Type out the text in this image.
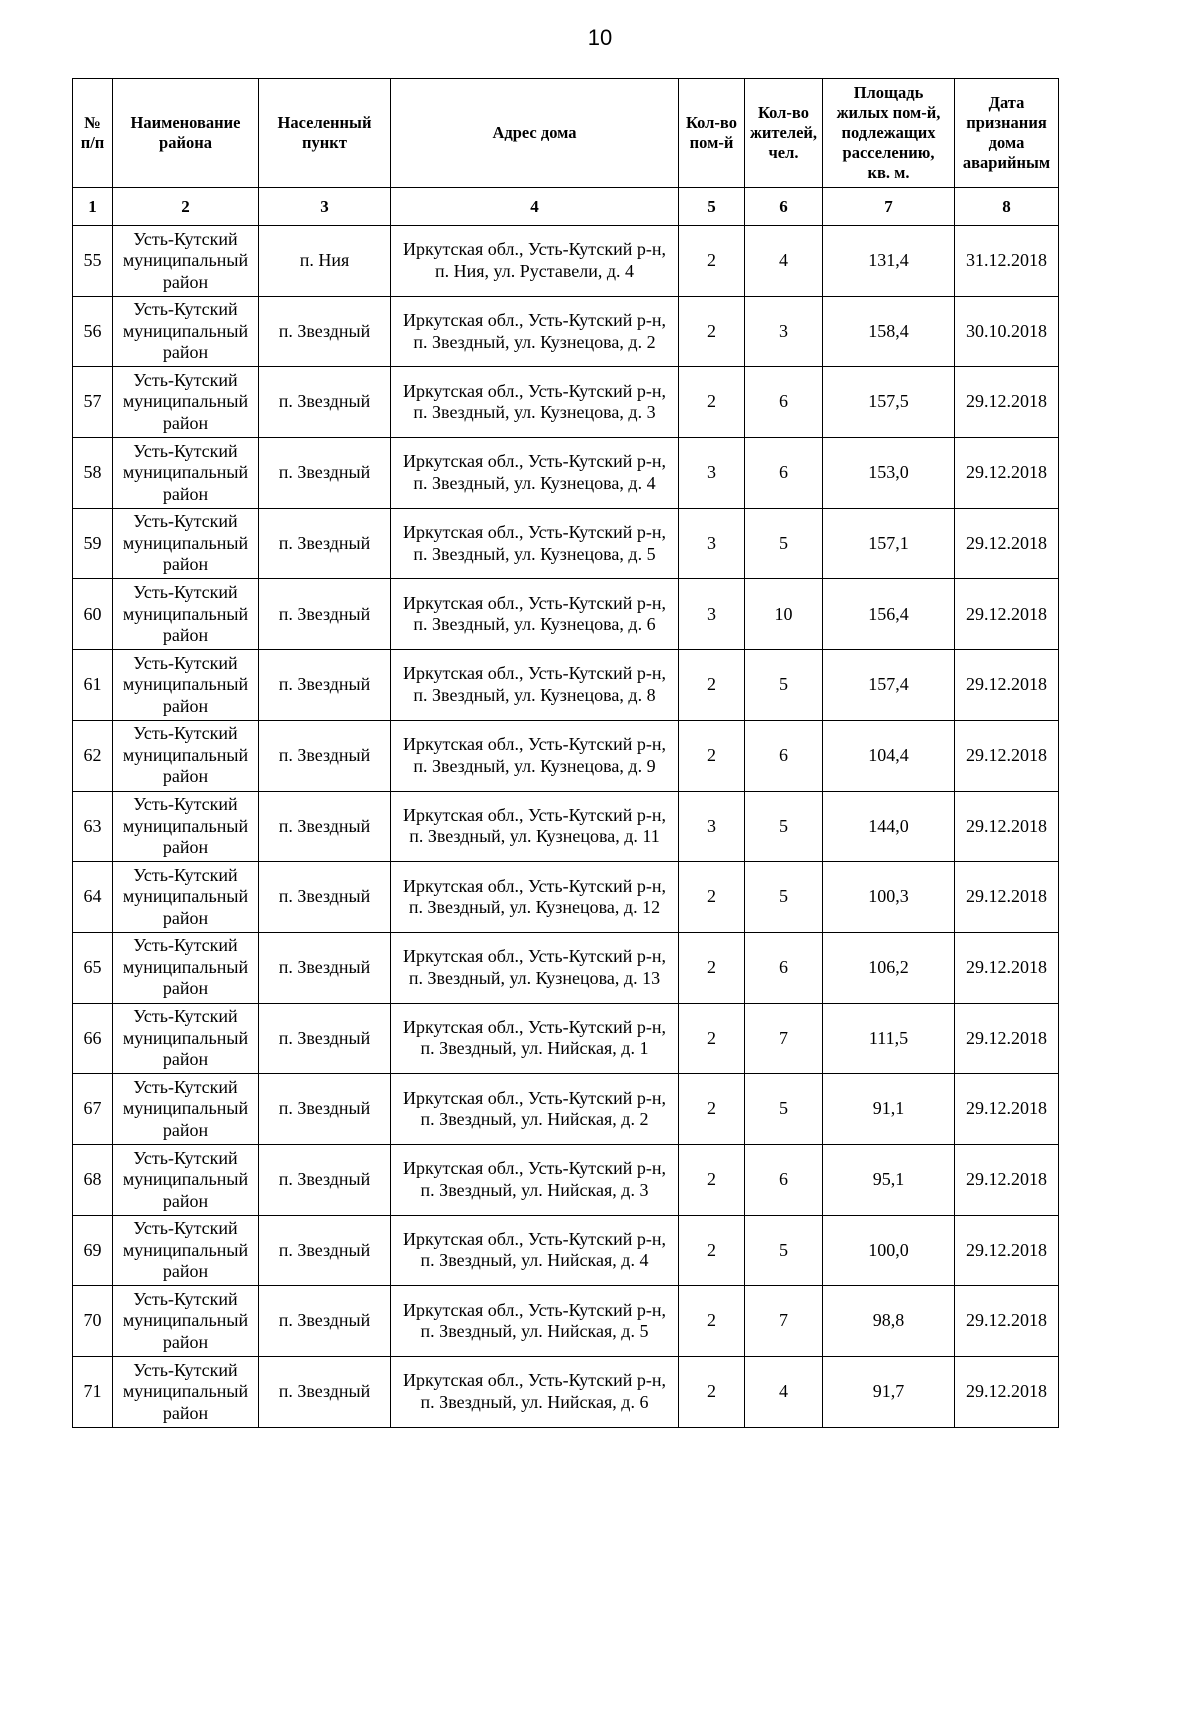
10
№
п/п	Наименование
района	Населенный
пункт	Адрес дома	Кол-во
пом-й	Кол-во
жителей,
чел.	Площадь
жилых пом-й,
подлежащих
расселению,
кв. м.	Дата
признания
дома
аварийным
1	2	3	4	5	6	7	8
55	Усть-Кутский муниципальный район	п. Ния	Иркутская обл., Усть-Кутский р-н,
п. Ния, ул. Руставели, д. 4	2	4	131,4	31.12.2018
56	Усть-Кутский муниципальный район	п. Звездный	Иркутская обл., Усть-Кутский р-н,
п. Звездный, ул. Кузнецова, д. 2	2	3	158,4	30.10.2018
57	Усть-Кутский муниципальный район	п. Звездный	Иркутская обл., Усть-Кутский р-н,
п. Звездный, ул. Кузнецова, д. 3	2	6	157,5	29.12.2018
58	Усть-Кутский муниципальный район	п. Звездный	Иркутская обл., Усть-Кутский р-н,
п. Звездный, ул. Кузнецова, д. 4	3	6	153,0	29.12.2018
59	Усть-Кутский муниципальный район	п. Звездный	Иркутская обл., Усть-Кутский р-н,
п. Звездный, ул. Кузнецова, д. 5	3	5	157,1	29.12.2018
60	Усть-Кутский муниципальный район	п. Звездный	Иркутская обл., Усть-Кутский р-н,
п. Звездный, ул. Кузнецова, д. 6	3	10	156,4	29.12.2018
61	Усть-Кутский муниципальный район	п. Звездный	Иркутская обл., Усть-Кутский р-н,
п. Звездный, ул. Кузнецова, д. 8	2	5	157,4	29.12.2018
62	Усть-Кутский муниципальный район	п. Звездный	Иркутская обл., Усть-Кутский р-н,
п. Звездный, ул. Кузнецова, д. 9	2	6	104,4	29.12.2018
63	Усть-Кутский муниципальный район	п. Звездный	Иркутская обл., Усть-Кутский р-н,
п. Звездный, ул. Кузнецова, д. 11	3	5	144,0	29.12.2018
64	Усть-Кутский муниципальный район	п. Звездный	Иркутская обл., Усть-Кутский р-н,
п. Звездный, ул. Кузнецова, д. 12	2	5	100,3	29.12.2018
65	Усть-Кутский муниципальный район	п. Звездный	Иркутская обл., Усть-Кутский р-н,
п. Звездный, ул. Кузнецова, д. 13	2	6	106,2	29.12.2018
66	Усть-Кутский муниципальный район	п. Звездный	Иркутская обл., Усть-Кутский р-н,
п. Звездный, ул. Нийская, д. 1	2	7	111,5	29.12.2018
67	Усть-Кутский муниципальный район	п. Звездный	Иркутская обл., Усть-Кутский р-н,
п. Звездный, ул. Нийская, д. 2	2	5	91,1	29.12.2018
68	Усть-Кутский муниципальный район	п. Звездный	Иркутская обл., Усть-Кутский р-н,
п. Звездный, ул. Нийская, д. 3	2	6	95,1	29.12.2018
69	Усть-Кутский муниципальный район	п. Звездный	Иркутская обл., Усть-Кутский р-н,
п. Звездный, ул. Нийская, д. 4	2	5	100,0	29.12.2018
70	Усть-Кутский муниципальный район	п. Звездный	Иркутская обл., Усть-Кутский р-н,
п. Звездный, ул. Нийская, д. 5	2	7	98,8	29.12.2018
71	Усть-Кутский муниципальный район	п. Звездный	Иркутская обл., Усть-Кутский р-н,
п. Звездный, ул. Нийская, д. 6	2	4	91,7	29.12.2018
